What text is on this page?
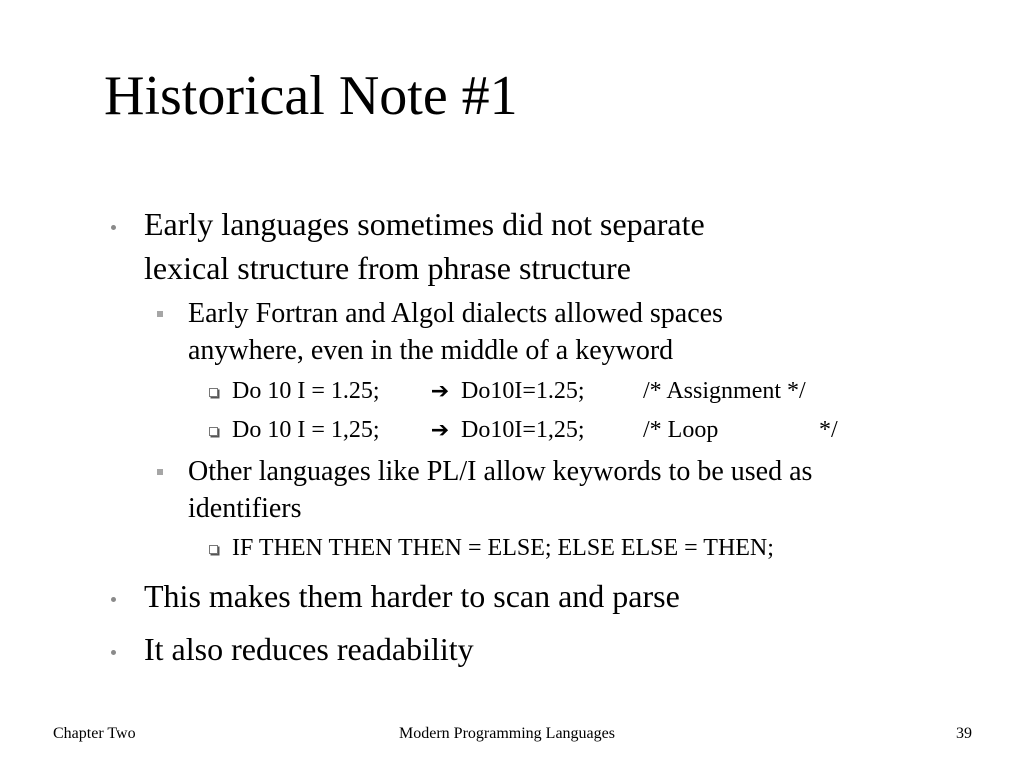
Historical Note #1
Early languages sometimes did not separate
lexical structure from phrase structure
Early Fortran and Algol dialects allowed spaces
anywhere, even in the middle of a keyword
Do 10 I = 1.25; ➔ Do10I=1.25; /* Assignment */
Do 10 I = 1,25; ➔ Do10I=1,25; /* Loop	*/
Other languages like PL/I allow keywords to be used as
identifiers
IF THEN THEN THEN = ELSE; ELSE ELSE = THEN;
This makes them harder to scan and parse
It also reduces readability
Chapter Two	Modern Programming Languages	39
